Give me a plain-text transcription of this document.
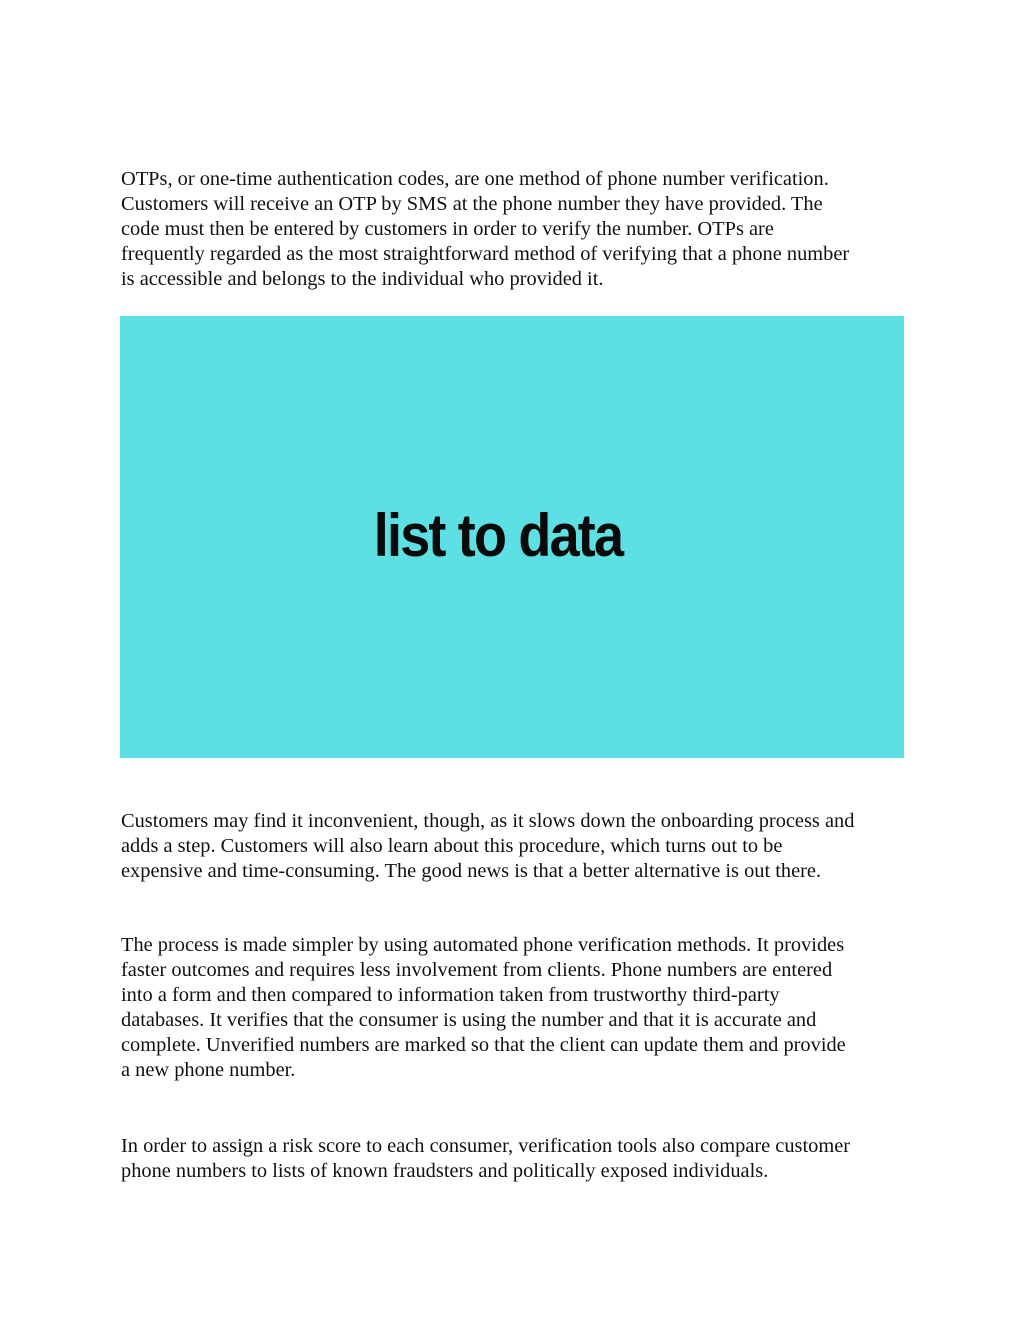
OTPs, or one-time authentication codes, are one method of phone number verification.
Customers will receive an OTP by SMS at the phone number they have provided. The
code must then be entered by customers in order to verify the number. OTPs are
frequently regarded as the most straightforward method of verifying that a phone number
is accessible and belongs to the individual who provided it.

list to data

Customers may find it inconvenient, though, as it slows down the onboarding process and
adds a step. Customers will also learn about this procedure, which turns out to be
expensive and time-consuming. The good news is that a better alternative is out there.

The process is made simpler by using automated phone verification methods. It provides
faster outcomes and requires less involvement from clients. Phone numbers are entered
into a form and then compared to information taken from trustworthy third-party
databases. It verifies that the consumer is using the number and that it is accurate and
complete. Unverified numbers are marked so that the client can update them and provide
a new phone number.

In order to assign a risk score to each consumer, verification tools also compare customer
phone numbers to lists of known fraudsters and politically exposed individuals.
